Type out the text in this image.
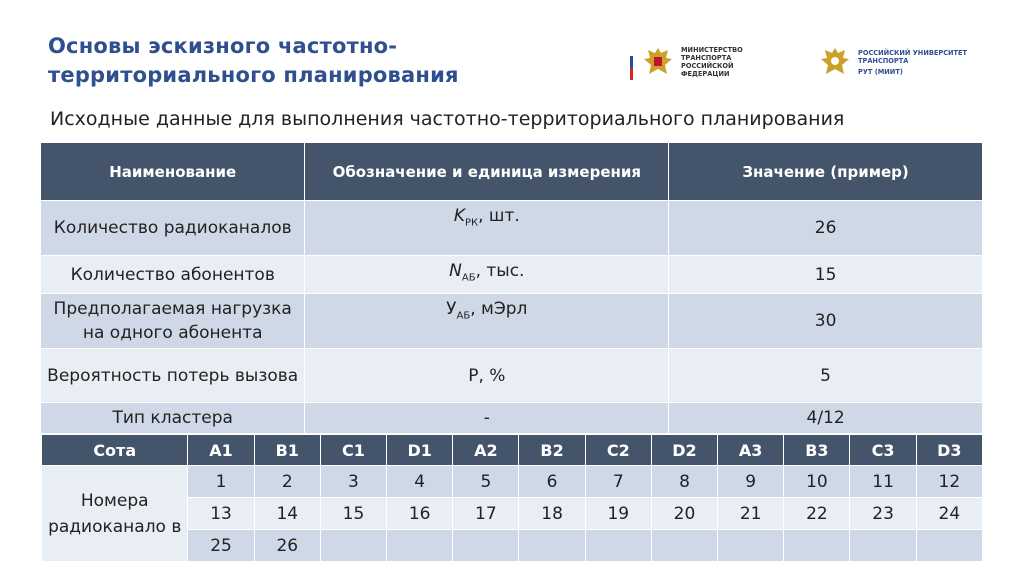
Основы эскизного частотно-территориального планирования
МИНИСТЕРСТВО ТРАНСПОРТА РОССИЙСКОЙ ФЕДЕРАЦИИ
РОССИЙСКИЙ УНИВЕРСИТЕТ ТРАНСПОРТА
РУТ (МИИТ)
Исходные данные для выполнения частотно-территориального планирования
Наименование	Обозначение и единица измерения	Значение (пример)
Количество радиоканалов	$K_{РК}$, шт.	26
Количество абонентов	$N_{АБ}$, тыс.	15
Предполагаемая нагрузка на одного абонента	$У_{АБ}$, мЭрл	30
Вероятность потерь вызова	P, %	5
Тип кластера	-	4/12
Сота	A1	B1	C1	D1	A2	B2	C2	D2	A3	B3	C3	D3
Номера радиоканало в	1	2	3	4	5	6	7	8	9	10	11	12
	13	14	15	16	17	18	19	20	21	22	23	24
	25	26										
